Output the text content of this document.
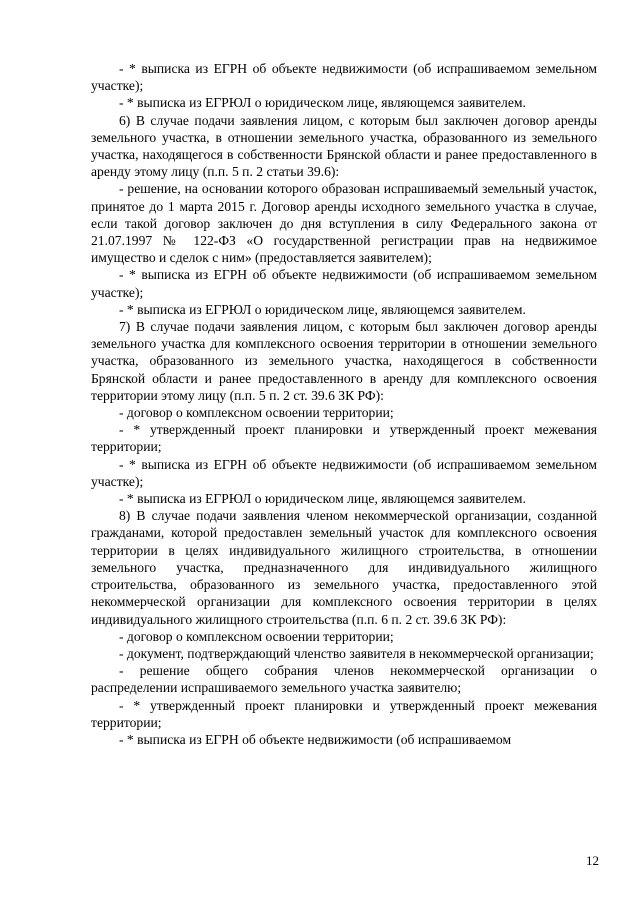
- * выписка из ЕГРН об объекте недвижимости (об испрашиваемом земельном участке);

- * выписка из ЕГРЮЛ о юридическом лице, являющемся заявителем.

6) В случае подачи заявления лицом, с которым был заключен договор аренды земельного участка, в отношении земельного участка, образованного из земельного участка, находящегося в собственности Брянской области и ранее предоставленного в аренду этому лицу (п.п. 5 п. 2 статьи 39.6):

- решение, на основании которого образован испрашиваемый земельный участок, принятое до 1 марта 2015 г. Договор аренды исходного земельного участка в случае, если такой договор заключен до дня вступления в силу Федерального закона от 21.07.1997 № 122-ФЗ «О государственной регистрации прав на недвижимое имущество и сделок с ним» (предоставляется заявителем);

- * выписка из ЕГРН об объекте недвижимости (об испрашиваемом земельном участке);

- * выписка из ЕГРЮЛ о юридическом лице, являющемся заявителем.

7) В случае подачи заявления лицом, с которым был заключен договор аренды земельного участка для комплексного освоения территории в отношении земельного участка, образованного из земельного участка, находящегося в собственности Брянской области и ранее предоставленного в аренду для комплексного освоения территории этому лицу (п.п. 5 п. 2 ст. 39.6 ЗК РФ):

- договор о комплексном освоении территории;

- * утвержденный проект планировки и утвержденный проект межевания территории;

- * выписка из ЕГРН об объекте недвижимости (об испрашиваемом земельном участке);

- * выписка из ЕГРЮЛ о юридическом лице, являющемся заявителем.

8) В случае подачи заявления членом некоммерческой организации, созданной гражданами, которой предоставлен земельный участок для комплексного освоения территории в целях индивидуального жилищного строительства, в отношении земельного участка, предназначенного для индивидуального жилищного строительства, образованного из земельного участка, предоставленного этой некоммерческой организации для комплексного освоения территории в целях индивидуального жилищного строительства (п.п. 6 п. 2 ст. 39.6 ЗК РФ):

- договор о комплексном освоении территории;

- документ, подтверждающий членство заявителя в некоммерческой организации;

- решение общего собрания членов некоммерческой организации о распределении испрашиваемого земельного участка заявителю;

- * утвержденный проект планировки и утвержденный проект межевания территории;

- * выписка из ЕГРН об объекте недвижимости (об испрашиваемом

12
